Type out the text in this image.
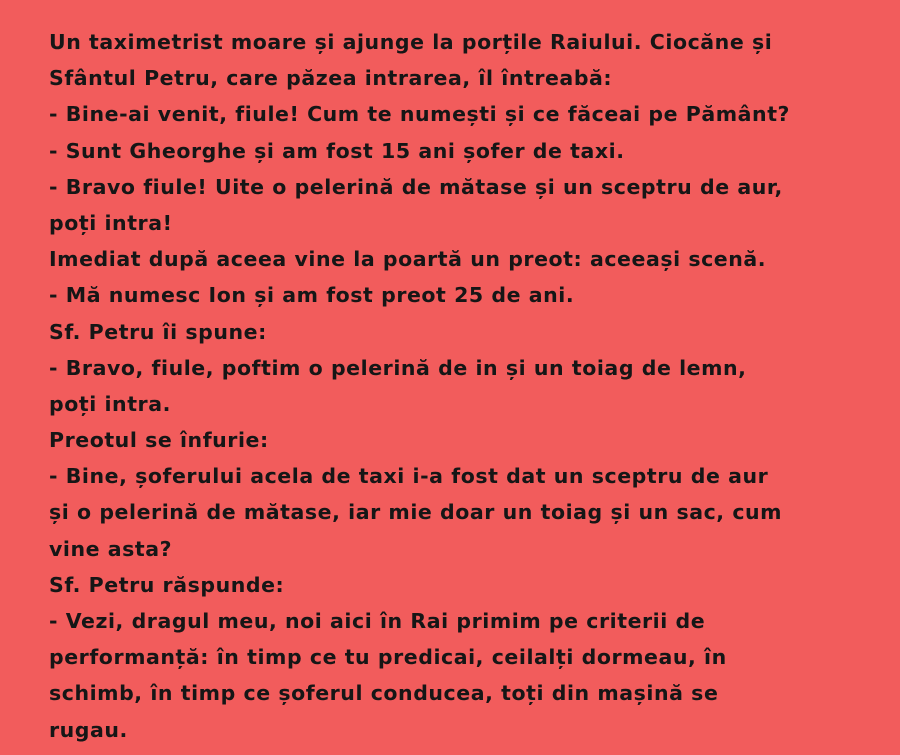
Un taximetrist moare și ajunge la porțile Raiului. Ciocăne și
Sfântul Petru, care păzea intrarea, îl întreabă:
- Bine-ai venit, fiule! Cum te numești și ce făceai pe Pământ?
- Sunt Gheorghe și am fost 15 ani șofer de taxi.
- Bravo fiule! Uite o pelerină de mătase și un sceptru de aur,
poți intra!
Imediat după aceea vine la poartă un preot: aceeași scenă.
- Mă numesc Ion și am fost preot 25 de ani.
Sf. Petru îi spune:
- Bravo, fiule, poftim o pelerină de in și un toiag de lemn,
poți intra.
Preotul se înfurie:
- Bine, șoferului acela de taxi i-a fost dat un sceptru de aur
și o pelerină de mătase, iar mie doar un toiag și un sac, cum
vine asta?
Sf. Petru răspunde:
- Vezi, dragul meu, noi aici în Rai primim pe criterii de
performanță: în timp ce tu predicai, ceilalți dormeau, în
schimb, în timp ce șoferul conducea, toți din mașină se
rugau.
